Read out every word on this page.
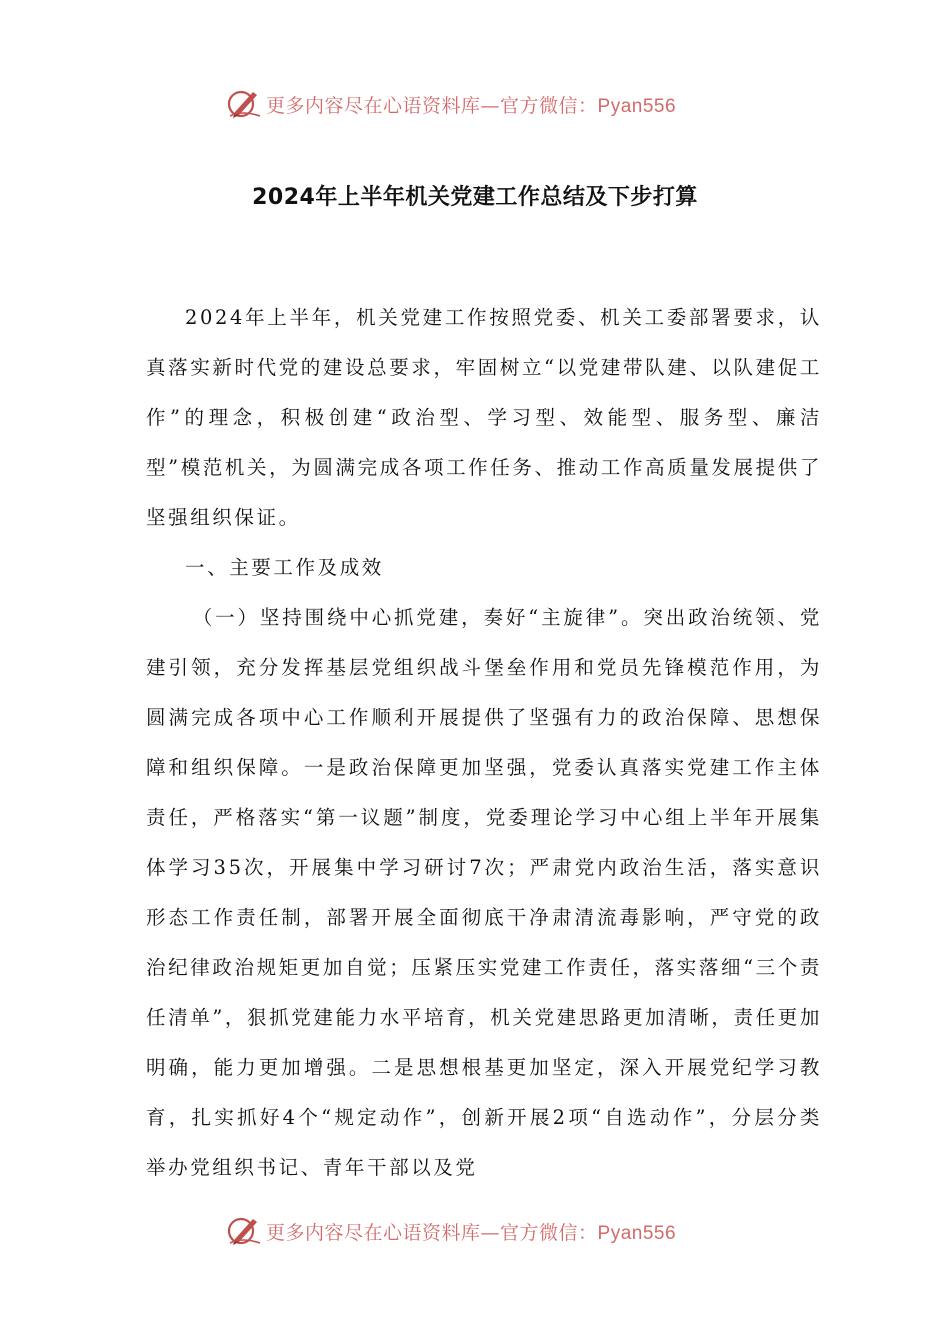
更多内容尽在心语资料库—官方微信：Pyan556
2024年上半年机关党建工作总结及下步打算

2024年上半年，机关党建工作按照党委、机关工委部署要求，认真落实新时代党的建设总要求，牢固树立“以党建带队建、以队建促工作”的理念，积极创建“政治型、学习型、效能型、服务型、廉洁型”模范机关，为圆满完成各项工作任务、推动工作高质量发展提供了坚强组织保证。

一、主要工作及成效

（一）坚持围绕中心抓党建，奏好“主旋律”。突出政治统领、党建引领，充分发挥基层党组织战斗堡垒作用和党员先锋模范作用，为圆满完成各项中心工作顺利开展提供了坚强有力的政治保障、思想保障和组织保障。一是政治保障更加坚强，党委认真落实党建工作主体责任，严格落实“第一议题”制度，党委理论学习中心组上半年开展集体学习35次，开展集中学习研讨7次；严肃党内政治生活，落实意识形态工作责任制，部署开展全面彻底干净肃清流毒影响，严守党的政治纪律政治规矩更加自觉；压紧压实党建工作责任，落实落细“三个责任清单”，狠抓党建能力水平培育，机关党建思路更加清晰，责任更加明确，能力更加增强。二是思想根基更加坚定，深入开展党纪学习教育，扎实抓好4个“规定动作”，创新开展2项“自选动作”，分层分类举办党组织书记、青年干部以及党

更多内容尽在心语资料库—官方微信：Pyan556
